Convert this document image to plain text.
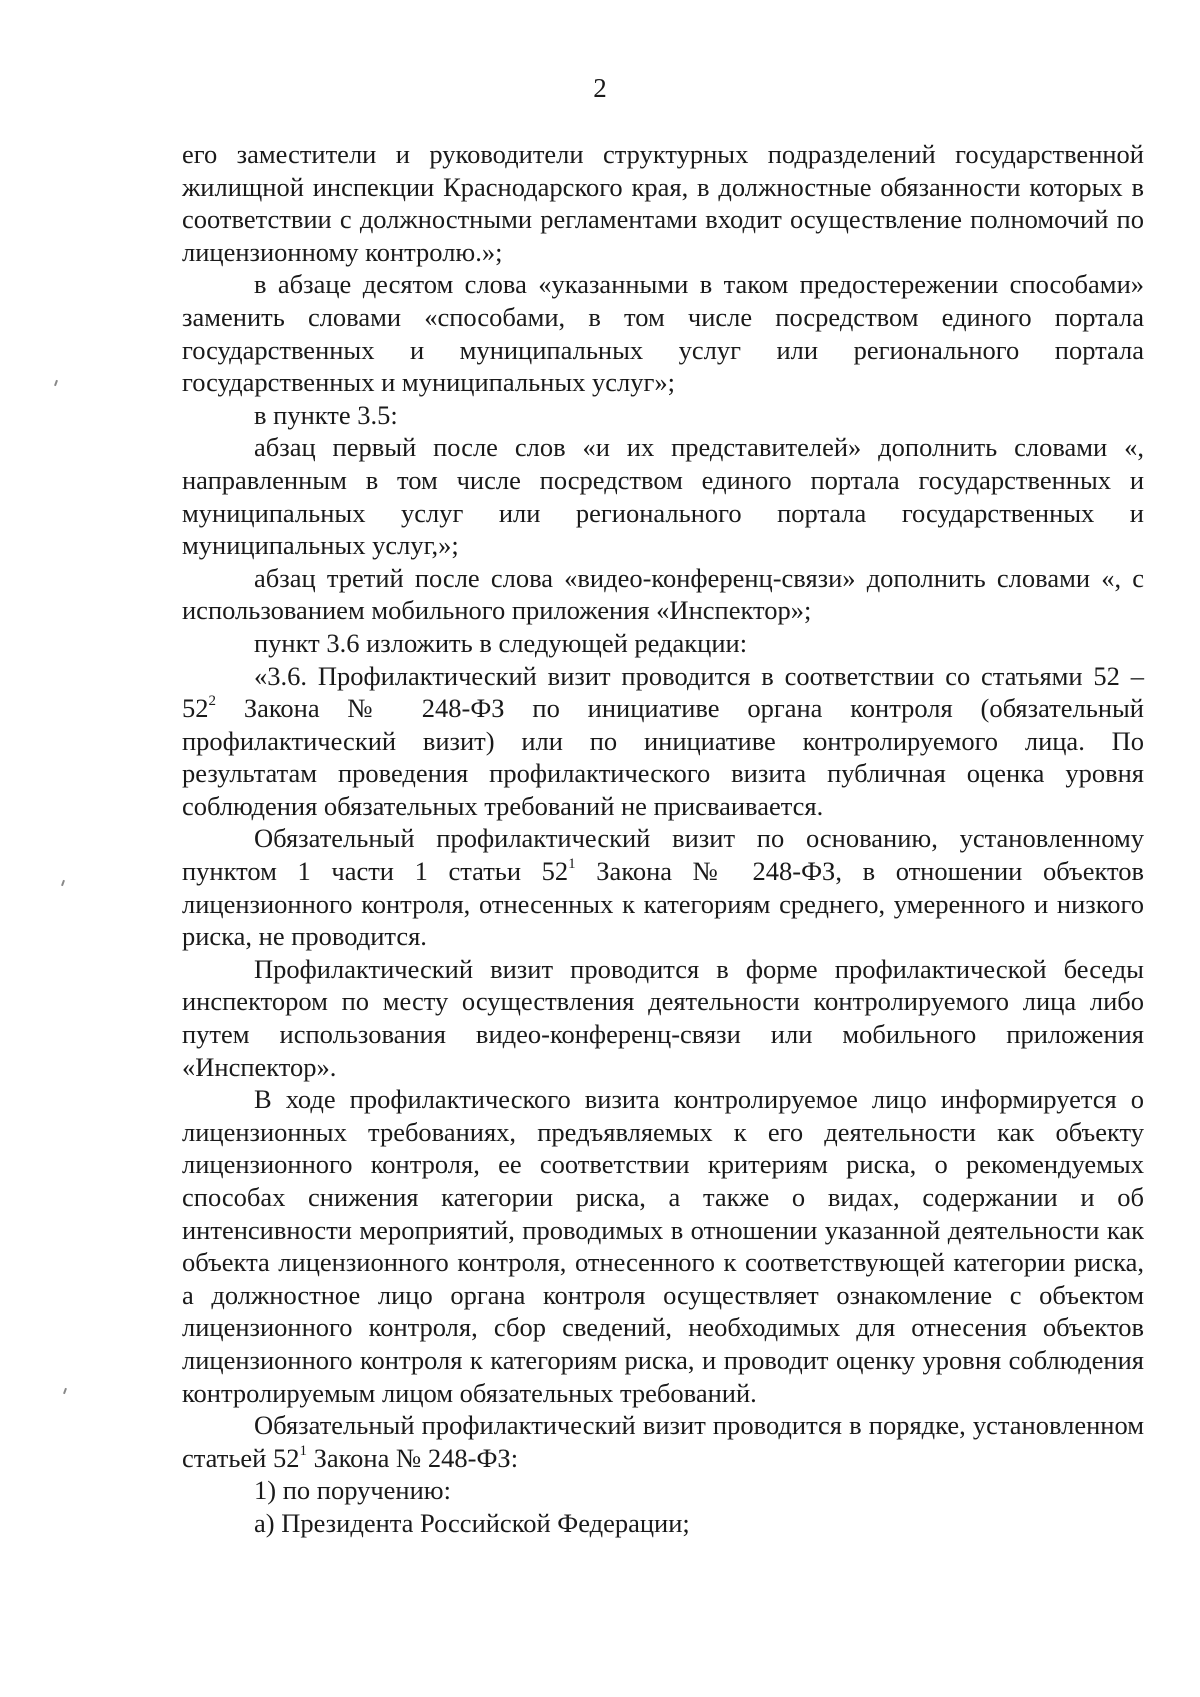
2

его заместители и руководители структурных подразделений государственной жилищной инспекции Краснодарского края, в должностные обязанности которых в соответствии с должностными регламентами входит осуществление полномочий по лицензионному контролю.»;

в абзаце десятом слова «указанными в таком предостережении способами» заменить словами «способами, в том числе посредством единого портала государственных и муниципальных услуг или регионального портала государственных и муниципальных услуг»;

в пункте 3.5:

абзац первый после слов «и их представителей» дополнить словами «, направленным в том числе посредством единого портала государственных и муниципальных услуг или регионального портала государственных и муниципальных услуг,»;

абзац третий после слова «видео-конференц-связи» дополнить словами «, с использованием мобильного приложения «Инспектор»;

пункт 3.6 изложить в следующей редакции:

«3.6. Профилактический визит проводится в соответствии со статьями $52 - 52^2$ Закона № 248-ФЗ по инициативе органа контроля (обязательный профилактический визит) или по инициативе контролируемого лица. По результатам проведения профилактического визита публичная оценка уровня соблюдения обязательных требований не присваивается.

Обязательный профилактический визит по основанию, установленному пунктом 1 части 1 статьи $52^1$ Закона № 248-ФЗ, в отношении объектов лицензионного контроля, отнесенных к категориям среднего, умеренного и низкого риска, не проводится.

Профилактический визит проводится в форме профилактической беседы инспектором по месту осуществления деятельности контролируемого лица либо путем использования видео-конференц-связи или мобильного приложения «Инспектор».

В ходе профилактического визита контролируемое лицо информируется о лицензионных требованиях, предъявляемых к его деятельности как объекту лицензионного контроля, ее соответствии критериям риска, о рекомендуемых способах снижения категории риска, а также о видах, содержании и об интенсивности мероприятий, проводимых в отношении указанной деятельности как объекта лицензионного контроля, отнесенного к соответствующей категории риска, а должностное лицо органа контроля осуществляет ознакомление с объектом лицензионного контроля, сбор сведений, необходимых для отнесения объектов лицензионного контроля к категориям риска, и проводит оценку уровня соблюдения контролируемым лицом обязательных требований.

Обязательный профилактический визит проводится в порядке, установленном статьей $52^1$ Закона № 248-ФЗ:

1) по поручению:

а) Президента Российской Федерации;
